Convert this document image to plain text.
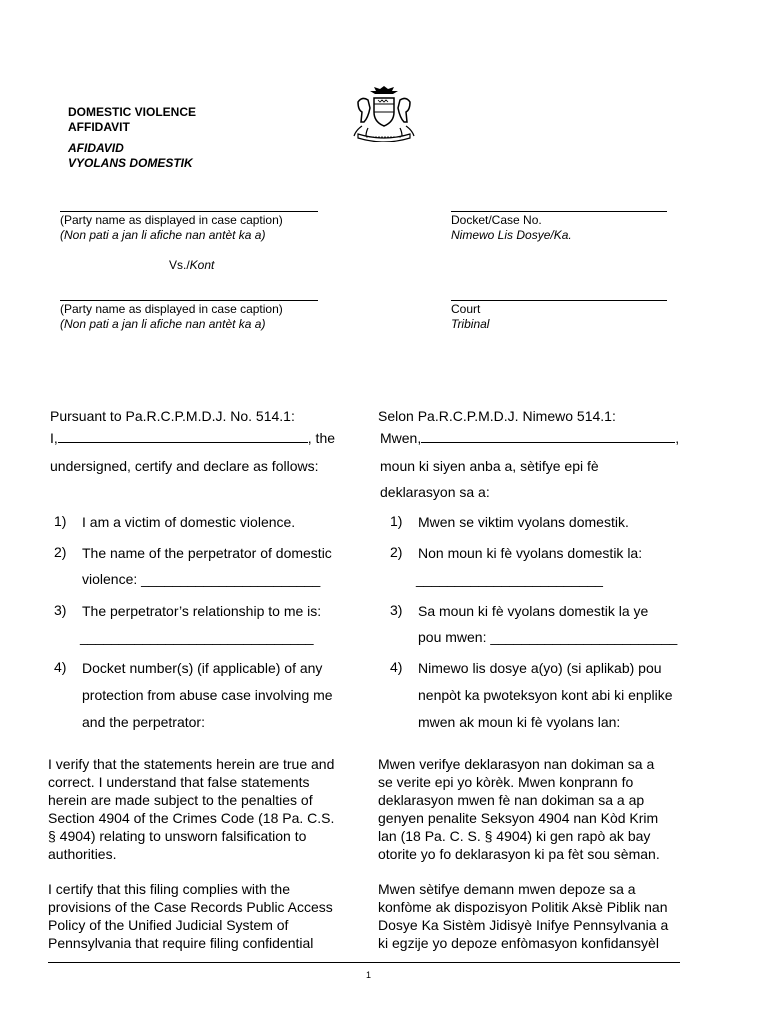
DOMESTIC VIOLENCE
AFFIDAVIT
AFIDAVID
VYOLANS DOMESTIK
(Party name as displayed in case caption)
(Non pati a jan li afiche nan antèt ka a)
Docket/Case No.
Nimewo Lis Dosye/Ka.
Vs./Kont
(Party name as displayed in case caption)
(Non pati a jan li afiche nan antèt ka a)
Court
Tribinal
Pursuant to Pa.R.C.P.M.D.J. No. 514.1:
I,	, the
undersigned, certify and declare as follows:
1) I am a victim of domestic violence.
2) The name of the perpetrator of domestic
violence: _______________________
3) The perpetrator’s relationship to me is:
______________________________
4) Docket number(s) (if applicable) of any
protection from abuse case involving me
and the perpetrator:
I verify that the statements herein are true and
correct. I understand that false statements
herein are made subject to the penalties of
Section 4904 of the Crimes Code (18 Pa. C.S.
§ 4904) relating to unsworn falsification to
authorities.
I certify that this filing complies with the
provisions of the Case Records Public Access
Policy of the Unified Judicial System of
Pennsylvania that require filing confidential
Selon Pa.R.C.P.M.D.J. Nimewo 514.1:
Mwen,	,
moun ki siyen anba a, sètifye epi fè
deklarasyon sa a:
1) Mwen se viktim vyolans domestik.
2) Non moun ki fè vyolans domestik la:
________________________
3) Sa moun ki fè vyolans domestik la ye
pou mwen: ________________________
4) Nimewo lis dosye a(yo) (si aplikab) pou
nenpòt ka pwoteksyon kont abi ki enplike
mwen ak moun ki fè vyolans lan:
Mwen verifye deklarasyon nan dokiman sa a
se verite epi yo kòrèk. Mwen konprann fo
deklarasyon mwen fè nan dokiman sa a ap
genyen penalite Seksyon 4904 nan Kòd Krim
lan (18 Pa. C. S. § 4904) ki gen rapò ak bay
otorite yo fo deklarasyon ki pa fèt sou sèman.
Mwen sètifye demann mwen depoze sa a
konfòme ak dispozisyon Politik Aksè Piblik nan
Dosye Ka Sistèm Jidisyè Inifye Pennsylvania a
ki egzije yo depoze enfòmasyon konfidansyèl
1
